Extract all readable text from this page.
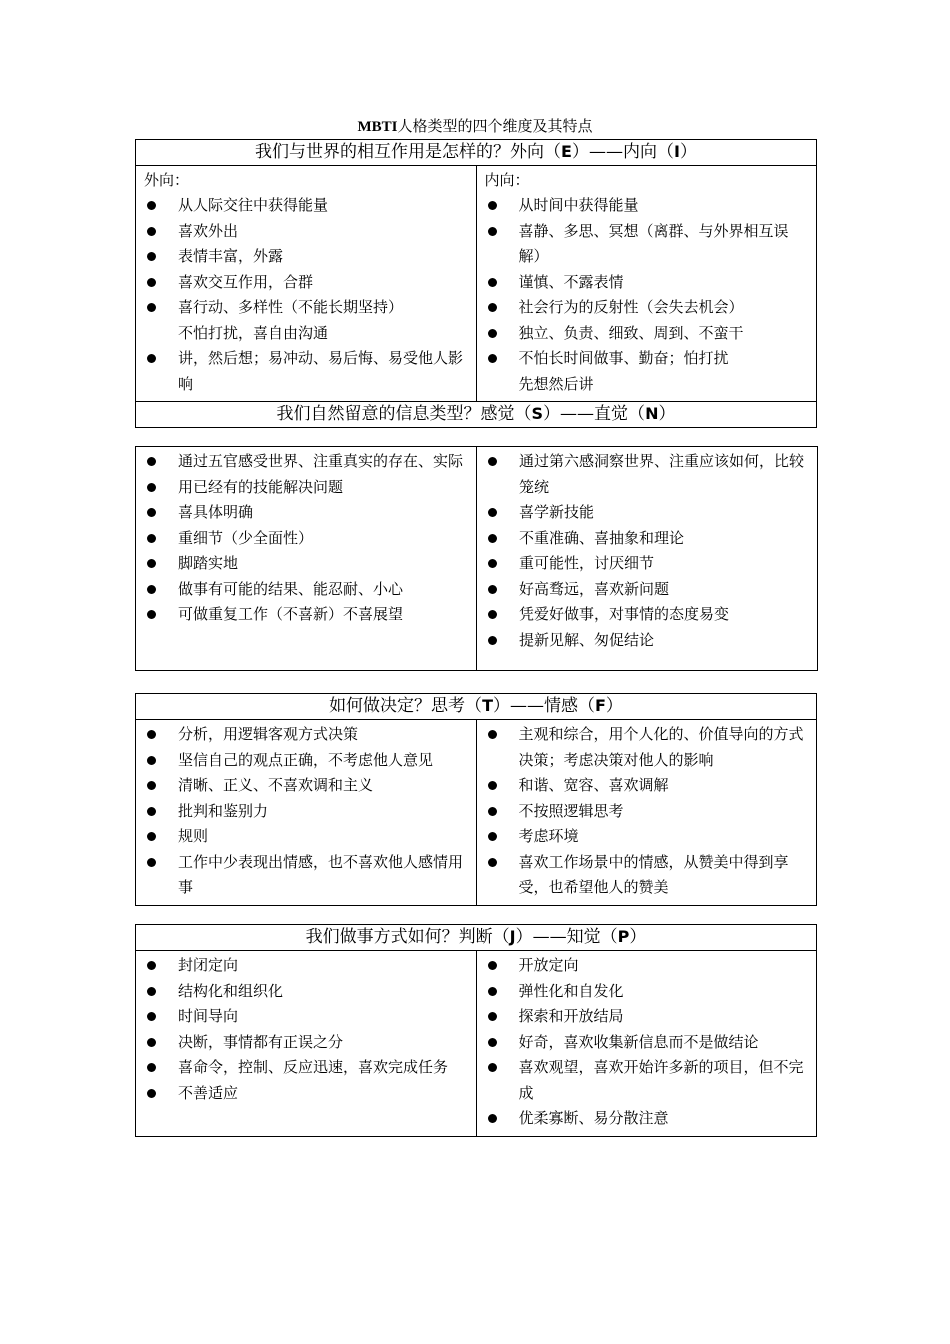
MBTI人格类型的四个维度及其特点
我们与世界的相互作用是怎样的？外向（E）——内向（I）

外向：
从人际交往中获得能量
喜欢外出
表情丰富，外露
喜欢交互作用，合群
喜行动、多样性（不能长期坚持）
不怕打扰，喜自由沟通
讲，然后想；易冲动、易后悔、易受他人影响

内向：
从时间中获得能量
喜静、多思、冥想（离群、与外界相互误解）
谨慎、不露表情
社会行为的反射性（会失去机会）
独立、负责、细致、周到、不蛮干
不怕长时间做事、勤奋；怕打扰
先想然后讲

我们自然留意的信息类型？感觉（S）——直觉（N）
通过五官感受世界、注重真实的存在、实际
用已经有的技能解决问题
喜具体明确
重细节（少全面性）
脚踏实地
做事有可能的结果、能忍耐、小心
可做重复工作（不喜新）不喜展望

通过第六感洞察世界、注重应该如何，比较笼统
喜学新技能
不重准确、喜抽象和理论
重可能性，讨厌细节
好高骛远，喜欢新问题
凭爱好做事，对事情的态度易变
提新见解、匆促结论
如何做决定？思考（T）——情感（F）

分析，用逻辑客观方式决策
坚信自己的观点正确，不考虑他人意见
清晰、正义、不喜欢调和主义
批判和鉴别力
规则
工作中少表现出情感，也不喜欢他人感情用事

主观和综合，用个人化的、价值导向的方式决策；考虑决策对他人的影响
和谐、宽容、喜欢调解
不按照逻辑思考
考虑环境
喜欢工作场景中的情感，从赞美中得到享受，也希望他人的赞美
我们做事方式如何？判断（J）——知觉（P）

封闭定向
结构化和组织化
时间导向
决断，事情都有正误之分
喜命令，控制、反应迅速，喜欢完成任务
不善适应

开放定向
弹性化和自发化
探索和开放结局
好奇，喜欢收集新信息而不是做结论
喜欢观望，喜欢开始许多新的项目，但不完成
优柔寡断、易分散注意
